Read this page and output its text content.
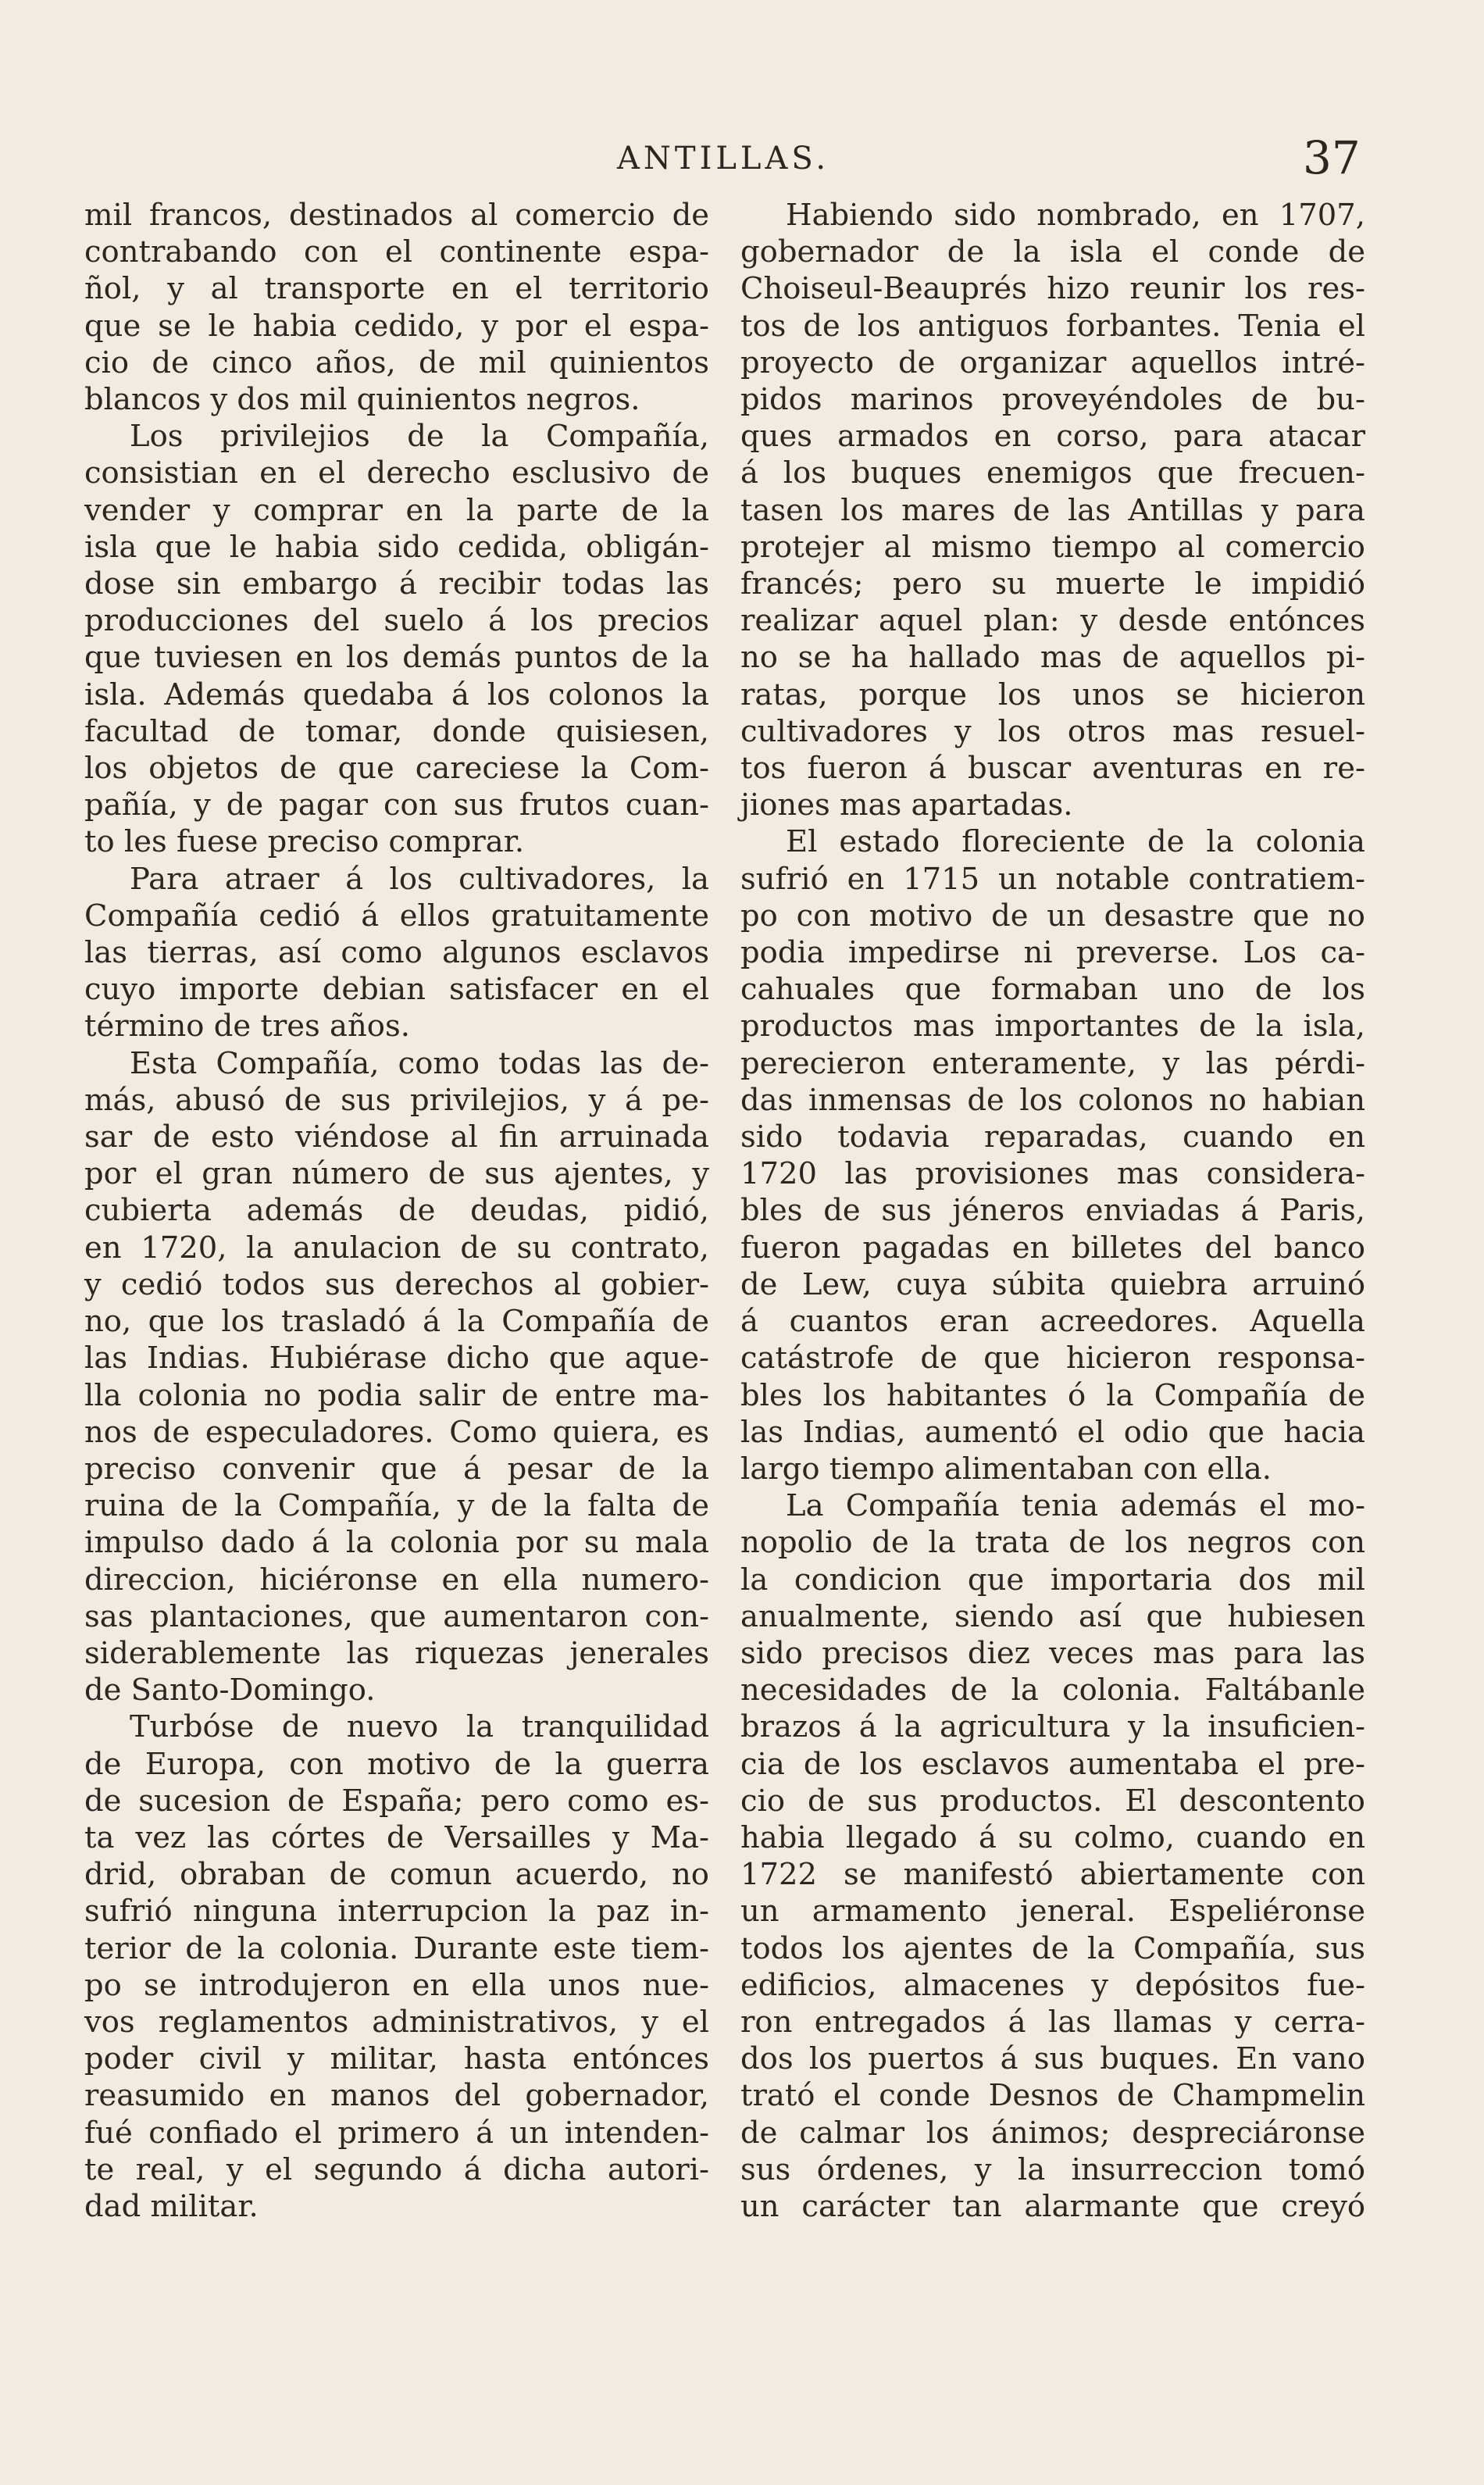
ANTILLAS.	37
mil francos, destinados al comercio de
contrabando con el continente espa-
ñol, y al transporte en el territorio
que se le habia cedido, y por el espa-
cio de cinco años, de mil quinientos
blancos y dos mil quinientos negros.
Los privilejios de la Compañía,
consistian en el derecho esclusivo de
vender y comprar en la parte de la
isla que le habia sido cedida, obligán-
dose sin embargo á recibir todas las
producciones del suelo á los precios
que tuviesen en los demás puntos de la
isla. Además quedaba á los colonos la
facultad de tomar, donde quisiesen,
los objetos de que careciese la Com-
pañía, y de pagar con sus frutos cuan-
to les fuese preciso comprar.
Para atraer á los cultivadores, la
Compañía cedió á ellos gratuitamente
las tierras, así como algunos esclavos
cuyo importe debian satisfacer en el
término de tres años.
Esta Compañía, como todas las de-
más, abusó de sus privilejios, y á pe-
sar de esto viéndose al fin arruinada
por el gran número de sus ajentes, y
cubierta además de deudas, pidió,
en 1720, la anulacion de su contrato,
y cedió todos sus derechos al gobier-
no, que los trasladó á la Compañía de
las Indias. Hubiérase dicho que aque-
lla colonia no podia salir de entre ma-
nos de especuladores. Como quiera, es
preciso convenir que á pesar de la
ruina de la Compañía, y de la falta de
impulso dado á la colonia por su mala
direccion, hiciéronse en ella numero-
sas plantaciones, que aumentaron con-
siderablemente las riquezas jenerales
de Santo-Domingo.
Turbóse de nuevo la tranquilidad
de Europa, con motivo de la guerra
de sucesion de España; pero como es-
ta vez las córtes de Versailles y Ma-
drid, obraban de comun acuerdo, no
sufrió ninguna interrupcion la paz in-
terior de la colonia. Durante este tiem-
po se introdujeron en ella unos nue-
vos reglamentos administrativos, y el
poder civil y militar, hasta entónces
reasumido en manos del gobernador,
fué confiado el primero á un intenden-
te real, y el segundo á dicha autori-
dad militar.
Habiendo sido nombrado, en 1707,
gobernador de la isla el conde de
Choiseul-Beauprés hizo reunir los res-
tos de los antiguos forbantes. Tenia el
proyecto de organizar aquellos intré-
pidos marinos proveyéndoles de bu-
ques armados en corso, para atacar
á los buques enemigos que frecuen-
tasen los mares de las Antillas y para
protejer al mismo tiempo al comercio
francés; pero su muerte le impidió
realizar aquel plan: y desde entónces
no se ha hallado mas de aquellos pi-
ratas, porque los unos se hicieron
cultivadores y los otros mas resuel-
tos fueron á buscar aventuras en re-
jiones mas apartadas.
El estado floreciente de la colonia
sufrió en 1715 un notable contratiem-
po con motivo de un desastre que no
podia impedirse ni preverse. Los ca-
cahuales que formaban uno de los
productos mas importantes de la isla,
perecieron enteramente, y las pérdi-
das inmensas de los colonos no habian
sido todavia reparadas, cuando en
1720 las provisiones mas considera-
bles de sus jéneros enviadas á Paris,
fueron pagadas en billetes del banco
de Lew, cuya súbita quiebra arruinó
á cuantos eran acreedores. Aquella
catástrofe de que hicieron responsa-
bles los habitantes ó la Compañía de
las Indias, aumentó el odio que hacia
largo tiempo alimentaban con ella.
La Compañía tenia además el mo-
nopolio de la trata de los negros con
la condicion que importaria dos mil
anualmente, siendo así que hubiesen
sido precisos diez veces mas para las
necesidades de la colonia. Faltábanle
brazos á la agricultura y la insuficien-
cia de los esclavos aumentaba el pre-
cio de sus productos. El descontento
habia llegado á su colmo, cuando en
1722 se manifestó abiertamente con
un armamento jeneral. Espeliéronse
todos los ajentes de la Compañía, sus
edificios, almacenes y depósitos fue-
ron entregados á las llamas y cerra-
dos los puertos á sus buques. En vano
trató el conde Desnos de Champmelin
de calmar los ánimos; despreciáronse
sus órdenes, y la insurreccion tomó
un carácter tan alarmante que creyó
